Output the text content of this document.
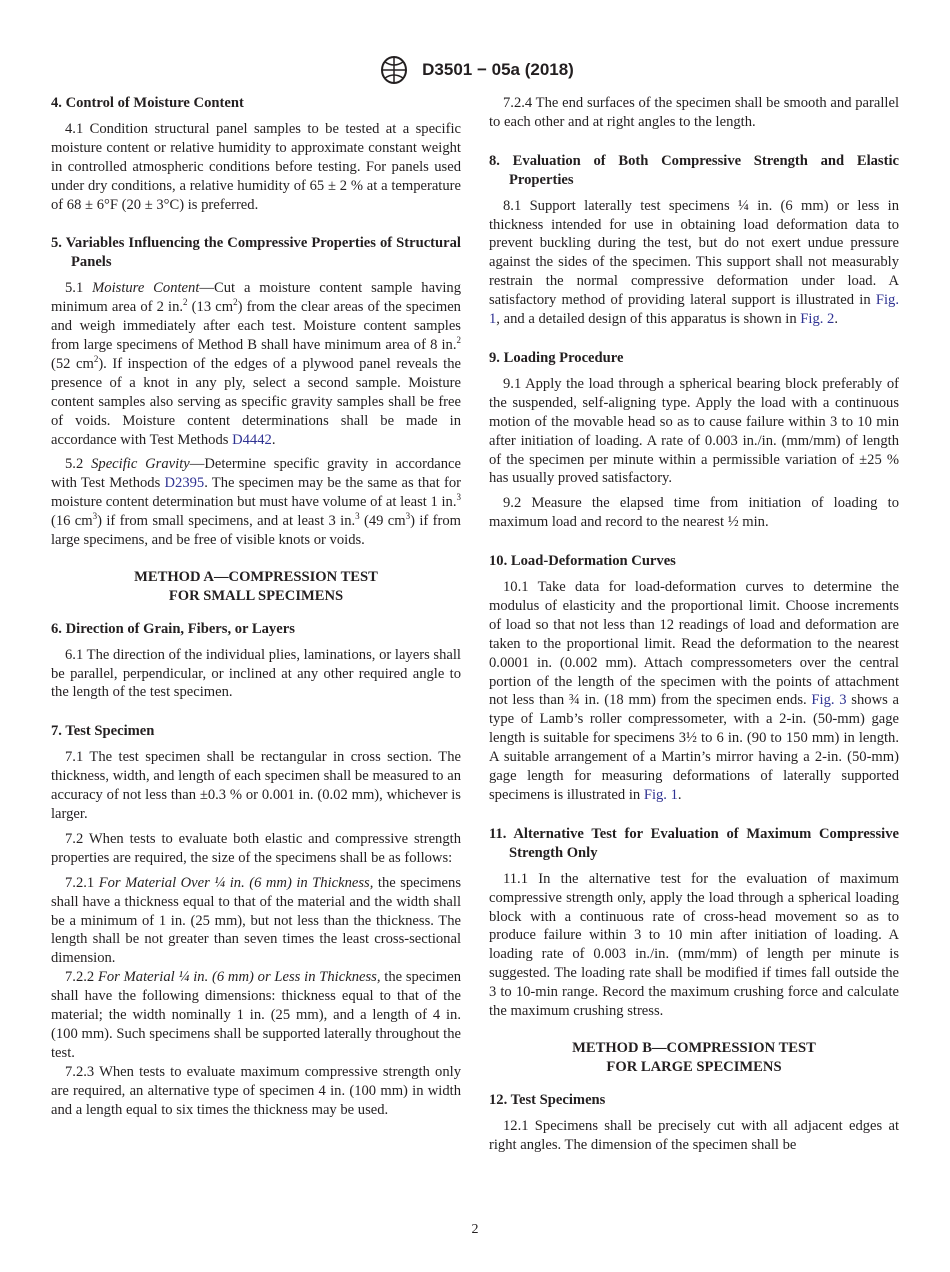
D3501 − 05a (2018)
4. Control of Moisture Content

4.1 Condition structural panel samples to be tested at a specific moisture content or relative humidity to approximate constant weight in controlled atmospheric conditions before testing. For panels used under dry conditions, a relative humidity of 65 ± 2 % at a temperature of 68 ± 6°F (20 ± 3°C) is preferred.

5. Variables Influencing the Compressive Properties of Structural Panels

5.1 Moisture Content—Cut a moisture content sample having minimum area of 2 in.$^2$ (13 $cm^2$) from the clear areas of the specimen and weigh immediately after each test. Moisture content samples from large specimens of Method B shall have minimum area of 8 in.$^2$ (52 $cm^2$). If inspection of the edges of a plywood panel reveals the presence of a knot in any ply, select a second sample. Moisture content samples also serving as specific gravity samples shall be free of voids. Moisture content determinations shall be made in accordance with Test Methods D4442.

5.2 Specific Gravity—Determine specific gravity in accordance with Test Methods D2395. The specimen may be the same as that for moisture content determination but must have volume of at least 1 in.$^3$ (16 $cm^3$) if from small specimens, and at least 3 in.$^3$ (49 $cm^3$) if from large specimens, and be free of visible knots or voids.

METHOD A—COMPRESSION TEST
FOR SMALL SPECIMENS
6. Direction of Grain, Fibers, or Layers

6.1 The direction of the individual plies, laminations, or layers shall be parallel, perpendicular, or inclined at any other required angle to the length of the test specimen.

7. Test Specimen

7.1 The test specimen shall be rectangular in cross section. The thickness, width, and length of each specimen shall be measured to an accuracy of not less than ±0.3 % or 0.001 in. (0.02 mm), whichever is larger.

7.2 When tests to evaluate both elastic and compressive strength properties are required, the size of the specimens shall be as follows:

7.2.1 For Material Over ¼ in. (6 mm) in Thickness, the specimens shall have a thickness equal to that of the material and the width shall be a minimum of 1 in. (25 mm), but not less than the thickness. The length shall be not greater than seven times the least cross-sectional dimension.

7.2.2 For Material ¼ in. (6 mm) or Less in Thickness, the specimen shall have the following dimensions: thickness equal to that of the material; the width nominally 1 in. (25 mm), and a length of 4 in. (100 mm). Such specimens shall be supported laterally throughout the test.

7.2.3 When tests to evaluate maximum compressive strength only are required, an alternative type of specimen 4 in. (100 mm) in width and a length equal to six times the thickness may be used.

7.2.4 The end surfaces of the specimen shall be smooth and parallel to each other and at right angles to the length.

8. Evaluation of Both Compressive Strength and Elastic Properties

8.1 Support laterally test specimens ¼ in. (6 mm) or less in thickness intended for use in obtaining load deformation data to prevent buckling during the test, but do not exert undue pressure against the sides of the specimen. This support shall not measurably restrain the normal compressive deformation under load. A satisfactory method of providing lateral support is illustrated in Fig. 1, and a detailed design of this apparatus is shown in Fig. 2.

9. Loading Procedure

9.1 Apply the load through a spherical bearing block preferably of the suspended, self-aligning type. Apply the load with a continuous motion of the movable head so as to cause failure within 3 to 10 min after initiation of loading. A rate of 0.003 in./in. (mm/mm) of length of the specimen per minute within a permissible variation of ±25 % has usually proved satisfactory.

9.2 Measure the elapsed time from initiation of loading to maximum load and record to the nearest ½ min.

10. Load-Deformation Curves

10.1 Take data for load-deformation curves to determine the modulus of elasticity and the proportional limit. Choose increments of load so that not less than 12 readings of load and deformation are taken to the proportional limit. Read the deformation to the nearest 0.0001 in. (0.002 mm). Attach compressometers over the central portion of the length of the specimen with the points of attachment not less than ¾ in. (18 mm) from the specimen ends. Fig. 3 shows a type of Lamb’s roller compressometer, with a 2-in. (50-mm) gage length is suitable for specimens 3½ to 6 in. (90 to 150 mm) in length. A suitable arrangement of a Martin’s mirror having a 2-in. (50-mm) gage length for measuring deformations of laterally supported specimens is illustrated in Fig. 1.

11. Alternative Test for Evaluation of Maximum Compressive Strength Only

11.1 In the alternative test for the evaluation of maximum compressive strength only, apply the load through a spherical loading block with a continuous rate of cross-head movement so as to produce failure within 3 to 10 min after initiation of loading. A loading rate of 0.003 in./in. (mm/mm) of length per minute is suggested. The loading rate shall be modified if times fall outside the 3 to 10-min range. Record the maximum crushing force and calculate the maximum crushing stress.

METHOD B—COMPRESSION TEST
FOR LARGE SPECIMENS
12. Test Specimens

12.1 Specimens shall be precisely cut with all adjacent edges at right angles. The dimension of the specimen shall be

2
